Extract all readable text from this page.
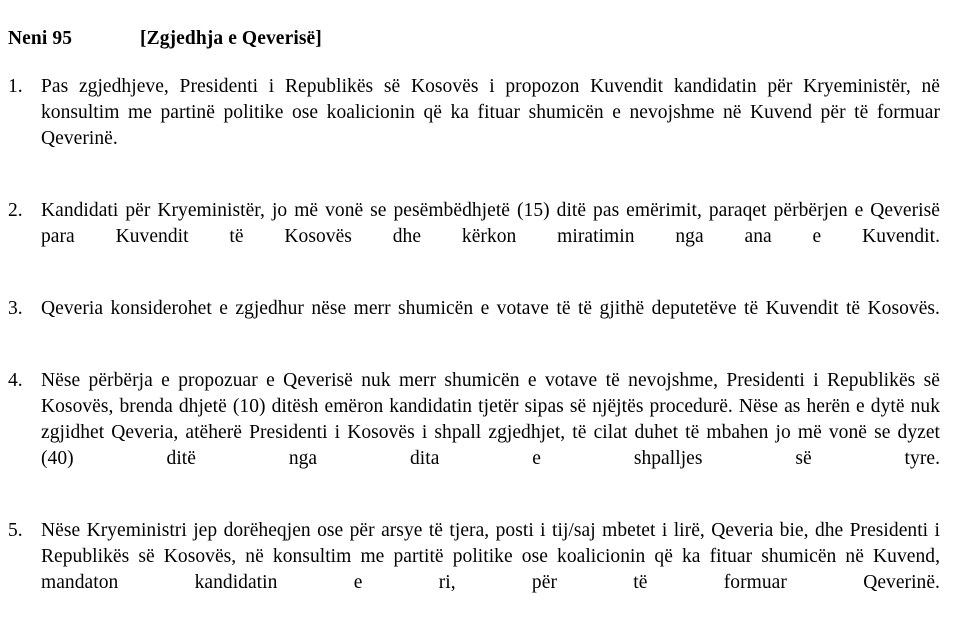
Neni 95	[Zgjedhja e Qeverisë]
1. Pas zgjedhjeve, Presidenti i Republikës së Kosovës i propozon Kuvendit kandidatin për Kryeministër, në konsultim me partinë politike ose koalicionin që ka fituar shumicën e nevojshme në Kuvend për të formuar Qeverinë.
2. Kandidati për Kryeministër, jo më vonë se pesëmbëdhjetë (15) ditë pas emërimit, paraqet përbërjen e Qeverisë para Kuvendit të Kosovës dhe kërkon miratimin nga ana e Kuvendit.
3. Qeveria konsiderohet e zgjedhur nëse merr shumicën e votave të të gjithë deputetëve të Kuvendit të Kosovës.
4. Nëse përbërja e propozuar e Qeverisë nuk merr shumicën e votave të nevojshme, Presidenti i Republikës së Kosovës, brenda dhjetë (10) ditësh emëron kandidatin tjetër sipas së njëjtës procedurë. Nëse as herën e dytë nuk zgjidhet Qeveria, atëherë Presidenti i Kosovës i shpall zgjedhjet, të cilat duhet të mbahen jo më vonë se dyzet (40) ditë nga dita e shpalljes së tyre.
5. Nëse Kryeministri jep dorëheqjen ose për arsye të tjera, posti i tij/saj mbetet i lirë, Qeveria bie, dhe Presidenti i Republikës së Kosovës, në konsultim me partitë politike ose koalicionin që ka fituar shumicën në Kuvend, mandaton kandidatin e ri, për të formuar Qeverinë.
